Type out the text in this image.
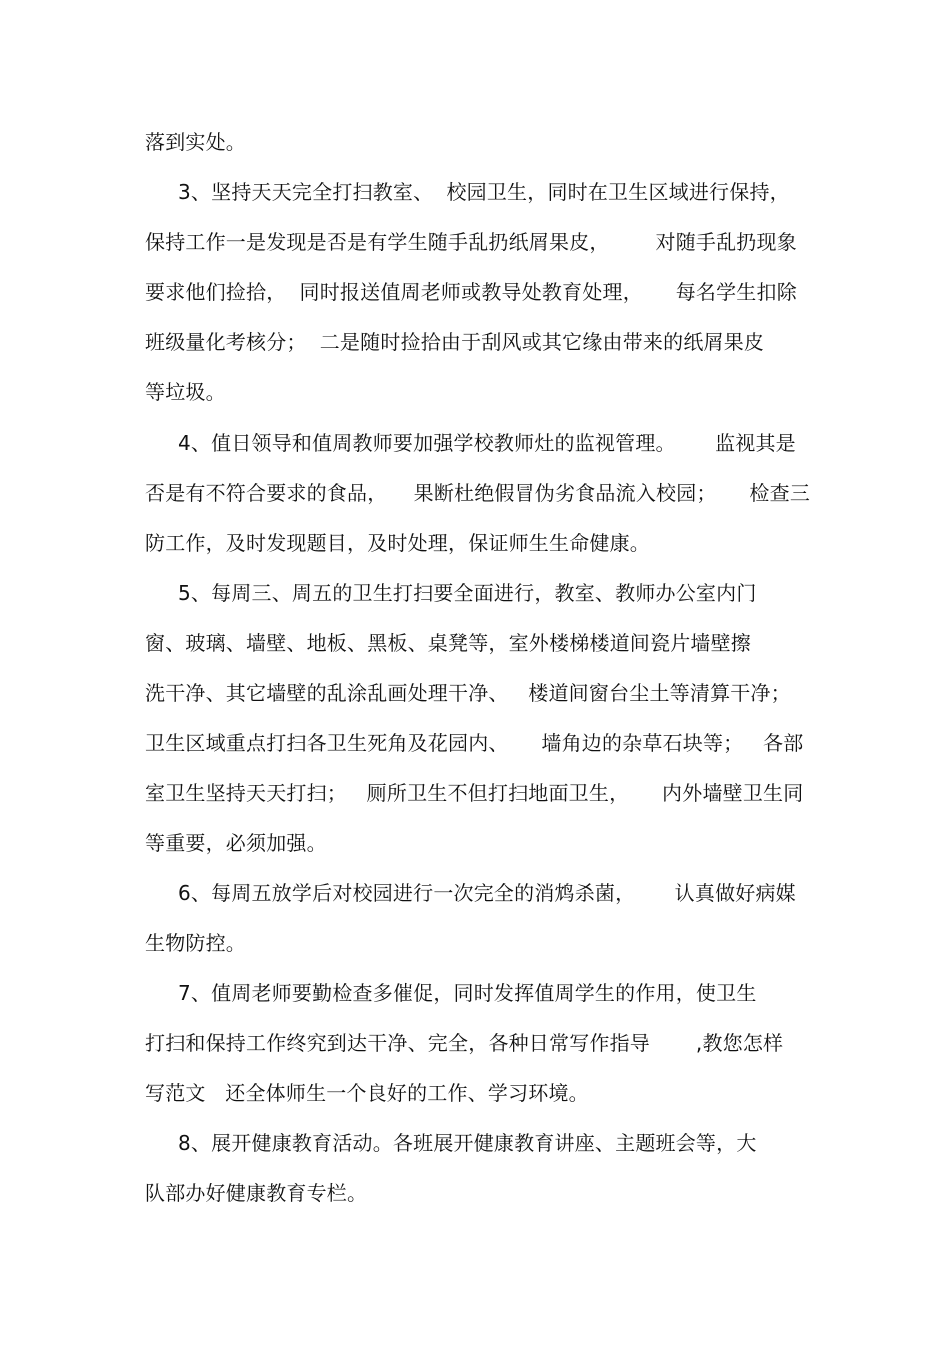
落到实处。
3、坚持天天完全打扫教室、  校园卫生，同时在卫生区域进行保持，
保持工作一是发现是否是有学生随手乱扔纸屑果皮，       对随手乱扔现象
要求他们捡拾，  同时报送值周老师或教导处教育处理，     每名学生扣除
班级量化考核分；  二是随时捡拾由于刮风或其它缘由带来的纸屑果皮
等垃圾。
4、值日领导和值周教师要加强学校教师灶的监视管理。      监视其是
否是有不符合要求的食品，    果断杜绝假冒伪劣食品流入校园；     检查三
防工作，及时发现题目，及时处理，保证师生生命健康。
5、每周三、周五的卫生打扫要全面进行，教室、教师办公室内门
窗、玻璃、墙壁、地板、黑板、桌凳等，室外楼梯楼道间瓷片墙壁擦
洗干净、其它墙壁的乱涂乱画处理干净、   楼道间窗台尘土等清算干净；
卫生区域重点打扫各卫生死角及花园内、     墙角边的杂草石块等；   各部
室卫生坚持天天打扫；   厕所卫生不但打扫地面卫生，     内外墙壁卫生同
等重要，必须加强。
6、每周五放学后对校园进行一次完全的消鸩杀菌，      认真做好病媒
生物防控。
7、值周老师要勤检查多催促，同时发挥值周学生的作用，使卫生
打扫和保持工作终究到达干净、完全，各种日常写作指导       ,教您怎样
写范文   还全体师生一个良好的工作、学习环境。
8、展开健康教育活动。各班展开健康教育讲座、主题班会等，大
队部办好健康教育专栏。
